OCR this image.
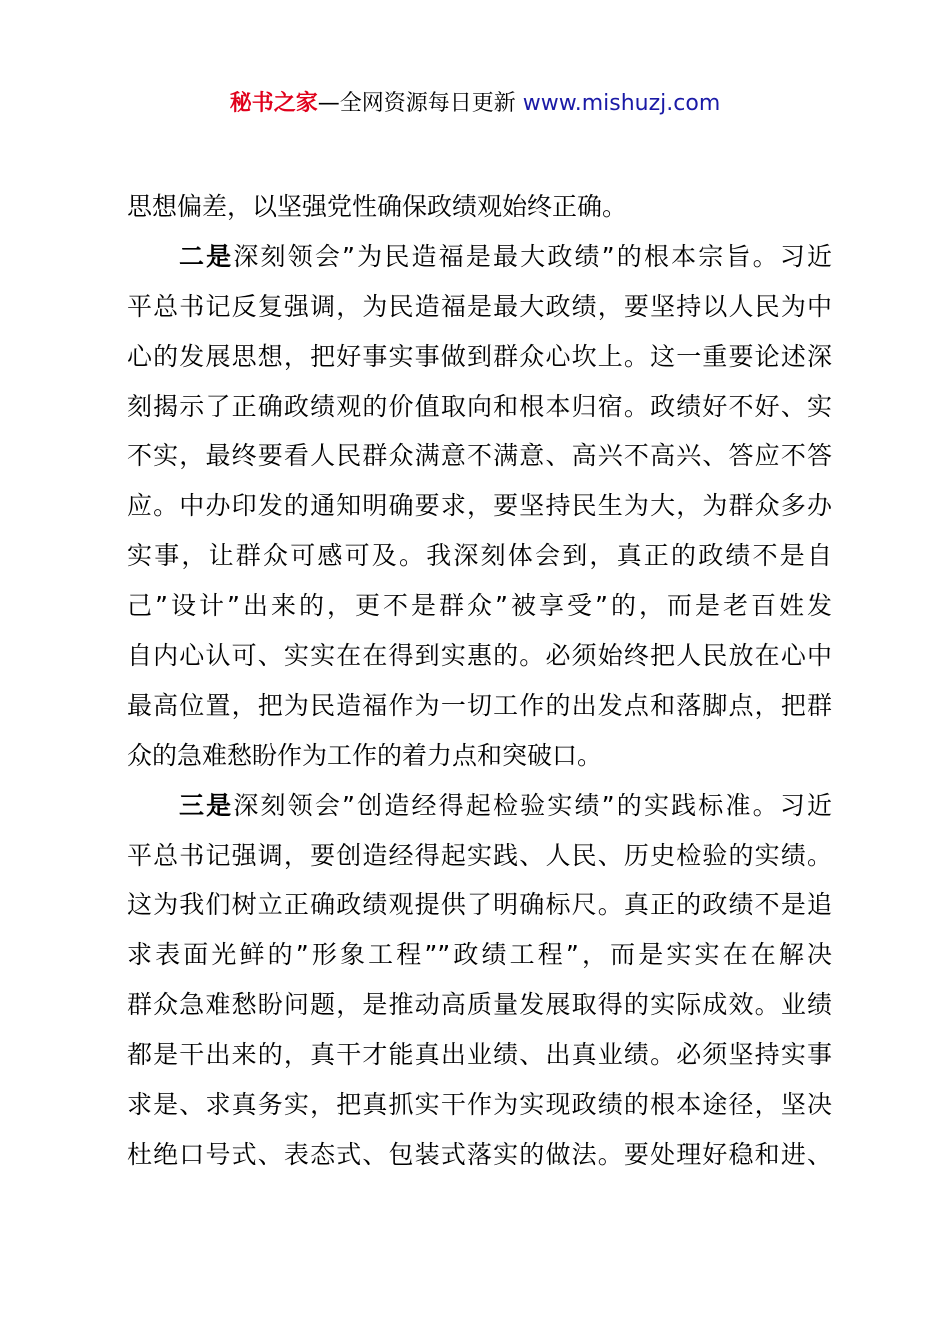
秘书之家—全网资源每日更新 www.mishuzj.com
思想偏差，以坚强党性确保政绩观始终正确。
二是深刻领会”为民造福是最大政绩”的根本宗旨。习近
平总书记反复强调，为民造福是最大政绩，要坚持以人民为中
心的发展思想，把好事实事做到群众心坎上。这一重要论述深
刻揭示了正确政绩观的价值取向和根本归宿。政绩好不好、实
不实，最终要看人民群众满意不满意、高兴不高兴、答应不答
应。中办印发的通知明确要求，要坚持民生为大，为群众多办
实事，让群众可感可及。我深刻体会到，真正的政绩不是自
己”设计”出来的，更不是群众”被享受”的，而是老百姓发
自内心认可、实实在在得到实惠的。必须始终把人民放在心中
最高位置，把为民造福作为一切工作的出发点和落脚点，把群
众的急难愁盼作为工作的着力点和突破口。
三是深刻领会”创造经得起检验实绩”的实践标准。习近
平总书记强调，要创造经得起实践、人民、历史检验的实绩。
这为我们树立正确政绩观提供了明确标尺。真正的政绩不是追
求表面光鲜的”形象工程””政绩工程”，而是实实在在解决
群众急难愁盼问题，是推动高质量发展取得的实际成效。业绩
都是干出来的，真干才能真出业绩、出真业绩。必须坚持实事
求是、求真务实，把真抓实干作为实现政绩的根本途径，坚决
杜绝口号式、表态式、包装式落实的做法。要处理好稳和进、
